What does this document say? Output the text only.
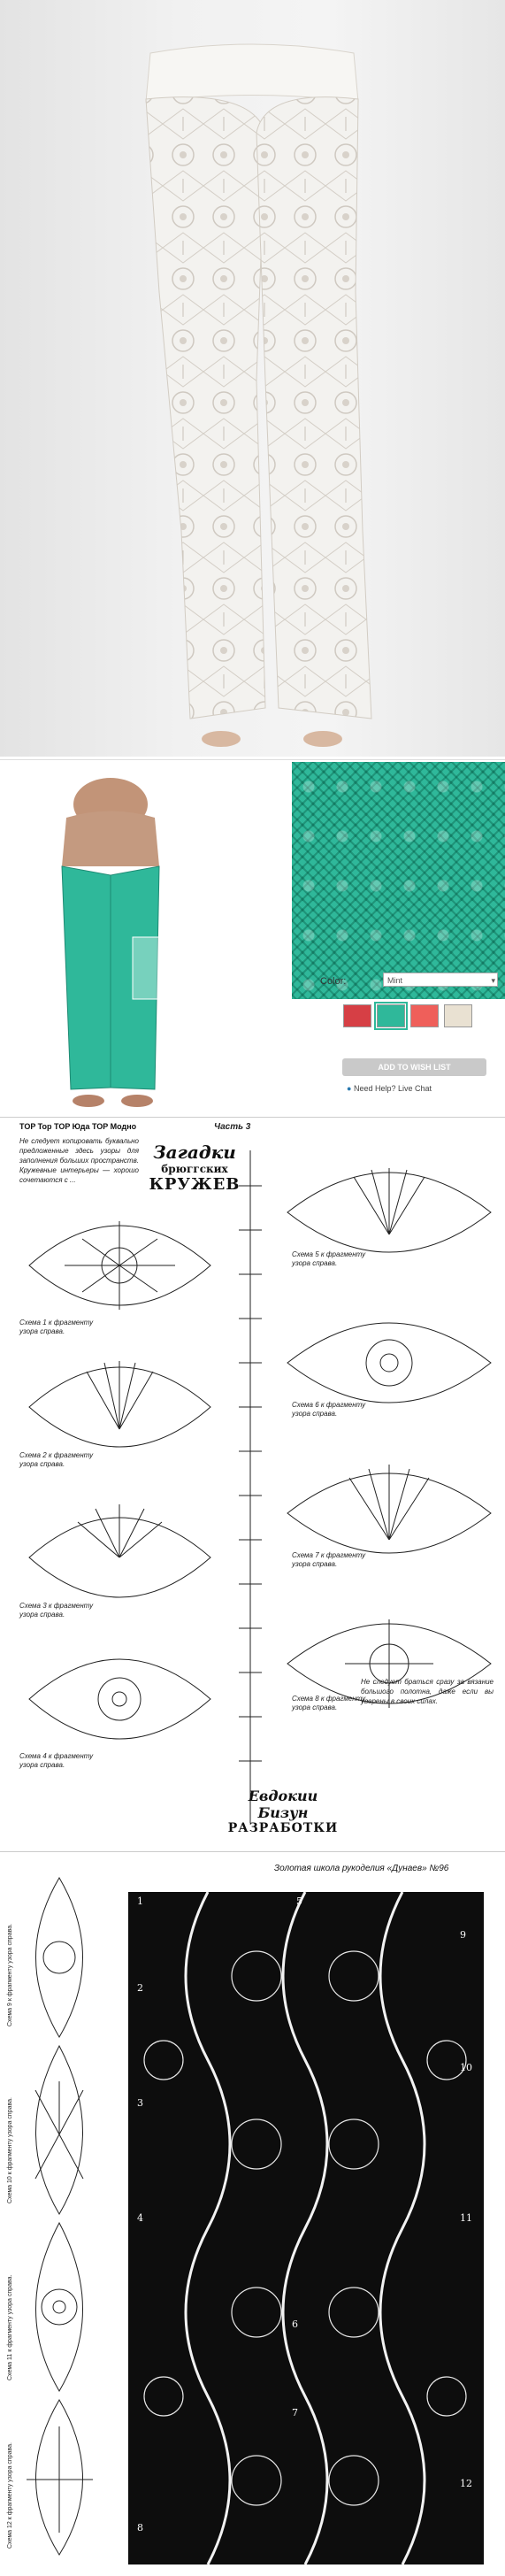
Color:	Mint	▾
ADD TO WISH LIST
● Need Help? Live Chat
TOP Top TOP Юда TOP Модно	Часть 3
Не следует копировать буквально предложенные здесь узоры для заполнения больших пространств. Кружевные интерьеры — хорошо сочетаются с ...
Загадки
брюггских
КРУЖЕВ
Схема 1 к фрагменту узора справа.
Схема 2 к фрагменту узора справа.
Схема 3 к фрагменту узора справа.
Схема 4 к фрагменту узора справа.
Схема 5 к фрагменту узора справа.
Схема 6 к фрагменту узора справа.
Схема 7 к фрагменту узора справа.
Схема 8 к фрагменту узора справа.
Не следует браться сразу за вязание большого полотна, даже если вы уверены в своих силах.
Евдокии
Бизун
РАЗРАБОТКИ
Золотая школа рукоделия «Дунаев» №96
Схема 9 к фрагменту узора справа.
Схема 10 к фрагменту узора справа.
Схема 11 к фрагменту узора справа.
Схема 12 к фрагменту узора справа.
1	5
2
9
3
10
4	11
6
7
8
12
